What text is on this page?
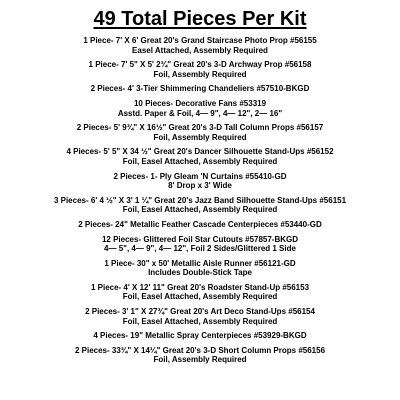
49 Total Pieces Per Kit
1 Piece- 7' X 6' Great 20's Grand Staircase Photo Prop #56155
Easel Attached, Assembly Required
1 Piece- 7' 5" X 5' 2¾" Great 20's 3-D Archway Prop #56158
Foil, Assembly Required
2 Pieces- 4' 3-Tier Shimmering Chandeliers #57510-BKGD
10 Pieces- Decorative Fans #53319
Asstd. Paper & Foil, 4— 9", 4— 12", 2— 16"
2 Pieces- 5' 9¾" X 16½" Great 20's 3-D Tall Column Props #56157
Foil, Assembly Required
4 Pieces- 5' 5" X 34 ½" Great 20's Dancer Silhouette Stand-Ups #56152
Foil, Easel Attached, Assembly Required
2 Pieces- 1- Ply Gleam 'N Curtains #55410-GD
8' Drop x 3' Wide
3 Pieces- 6' 4 ½" X 3' 1 ¼" Great 20's Jazz Band Silhouette Stand-Ups #56151
Foil, Easel Attached, Assembly Required
2 Pieces- 24" Metallic Feather Cascade Centerpieces #53440-GD
12 Pieces- Glittered Foil Star Cutouts #57857-BKGD
4— 5", 4— 9", 4— 12", Foil 2 Sides/Glittered 1 Side
1 Piece- 30" x 50' Metallic Aisle Runner #56121-GD
Includes Double-Stick Tape
1 Piece- 4' X 12' 11" Great 20's Roadster Stand-Up #56153
Foil, Easel Attached, Assembly Required
2 Pieces- 3' 1" X 27¾" Great 20's Art Deco Stand-Ups #56154
Foil, Easel Attached, Assembly Required
4 Pieces- 19" Metallic Spray Centerpieces #53929-BKGD
2 Pieces- 33¾" X 14¼" Great 20's 3-D Short Column Props #56156
Foil, Assembly Required
